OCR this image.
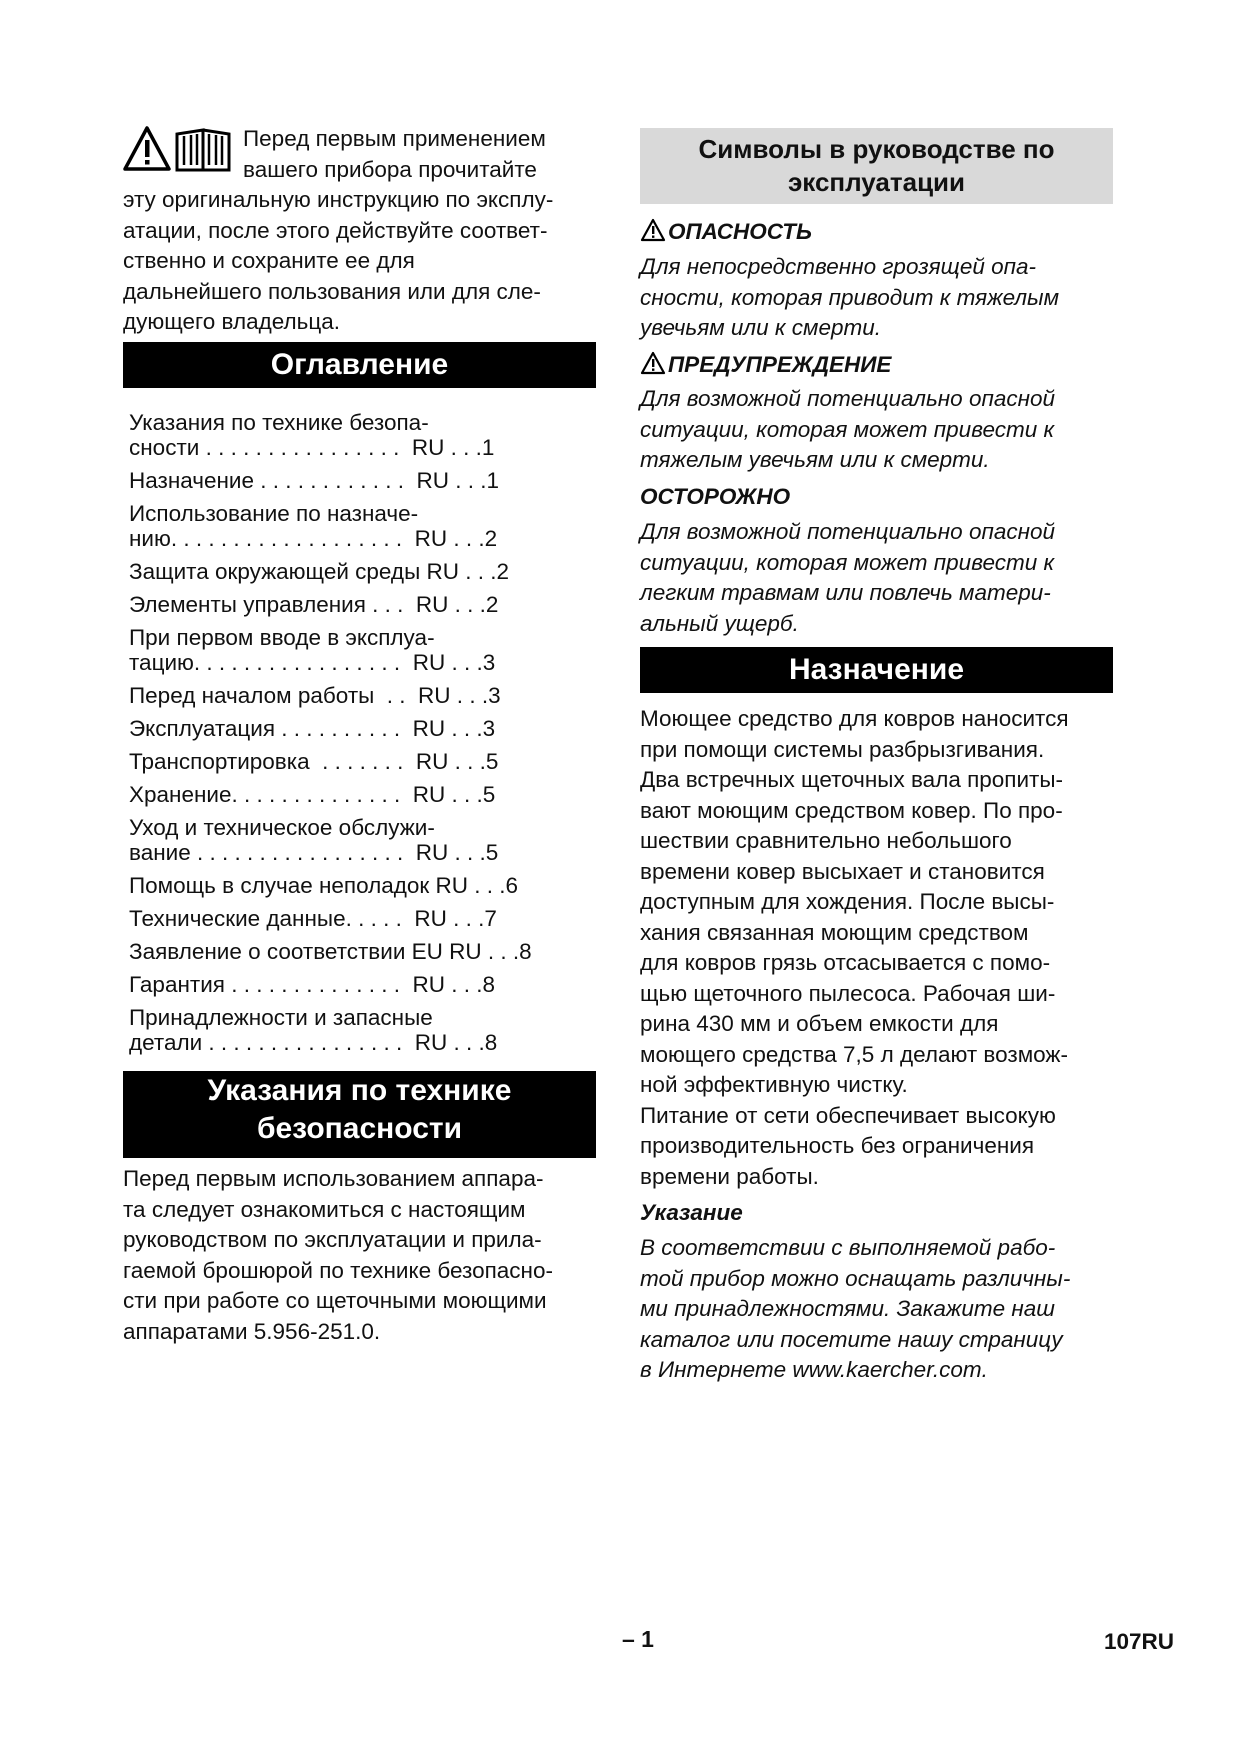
Перед первым применением
вашего прибора прочитайте
эту оригинальную инструкцию по эксплу-
атации, после этого действуйте соответ-
ственно и сохраните ее для
дальнейшего пользования или для сле-
дующего владельца.
Оглавление

Указания по технике безопа-
сности . . . . . . . . . . . . . . . .  RU . . .1

Назначение . . . . . . . . . . . .  RU . . .1

Использование по назначе-
нию. . . . . . . . . . . . . . . . . . .  RU . . .2

Защита окружающей среды RU . . .2

Элементы управления . . .  RU . . .2

При первом вводе в эксплуа-
тацию. . . . . . . . . . . . . . . . .  RU . . .3

Перед началом работы  . .  RU . . .3

Эксплуатация . . . . . . . . . .  RU . . .3

Транспортировка  . . . . . . .  RU . . .5

Хранение. . . . . . . . . . . . . .  RU . . .5

Уход и техническое обслужи-
вание . . . . . . . . . . . . . . . . .  RU . . .5

Помощь в случае неполадок RU . . .6

Технические данные. . . . .  RU . . .7

Заявление о соответствии EU RU . . .8

Гарантия . . . . . . . . . . . . . .  RU . . .8

Принадлежности и запасные
детали . . . . . . . . . . . . . . . .  RU . . .8

Указания по технике
безопасности
Перед первым использованием аппара-
та следует ознакомиться с настоящим
руководством по эксплуатации и прила-
гаемой брошюрой по технике безопасно-
сти при работе со щеточными моющими
аппаратами 5.956-251.0.
Символы в руководстве по
эксплуатации
ОПАСНОСТЬ
Для непосредственно грозящей опа-
сности, которая приводит к тяжелым
увечьям или к смерти.
ПРЕДУПРЕЖДЕНИЕ
Для возможной потенциально опасной
ситуации, которая может привести к
тяжелым увечьям или к смерти.
ОСТОРОЖНО
Для возможной потенциально опасной
ситуации, которая может привести к
легким травмам или повлечь матери-
альный ущерб.
Назначение
Моющее средство для ковров наносится
при помощи системы разбрызгивания.
Два встречных щеточных вала пропиты-
вают моющим средством ковер. По про-
шествии сравнительно небольшого
времени ковер высыхает и становится
доступным для хождения. После высы-
хания связанная моющим средством
для ковров грязь отсасывается с помо-
щью щеточного пылесоса. Рабочая ши-
рина 430 мм и объем емкости для
моющего средства 7,5 л делают возмож-
ной эффективную чистку.
Питание от сети обеспечивает высокую
производительность без ограничения
времени работы.
Указание
В соответствии с выполняемой рабо-
той прибор можно оснащать различны-
ми принадлежностями. Закажите наш
каталог или посетите нашу страницу
в Интернете www.kaercher.com.
– 1	107RU
